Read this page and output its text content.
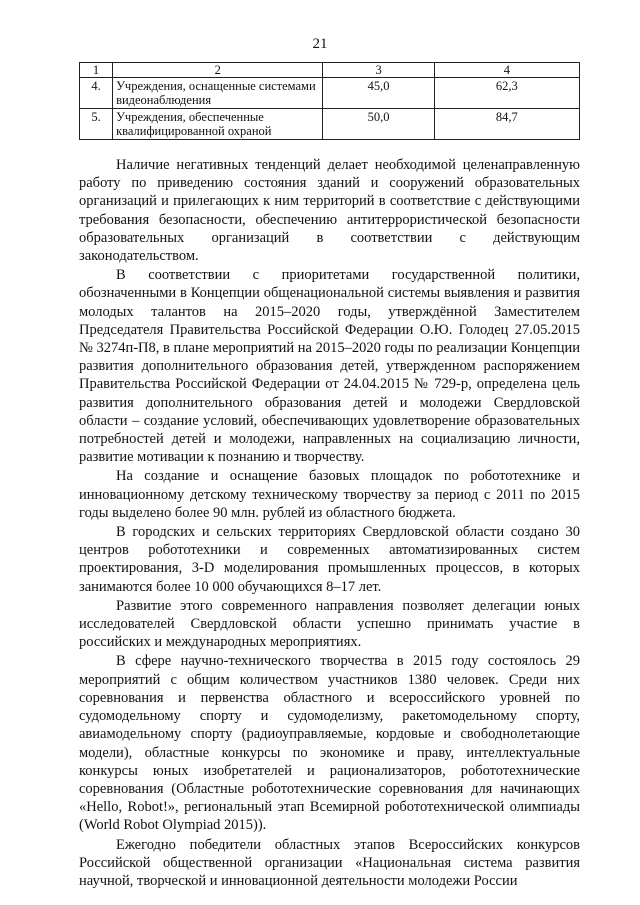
21
1	2	3	4
4.	Учреждения, оснащенные системами видеонаблюдения	45,0	62,3
5.	Учреждения, обеспеченные квалифицированной охраной	50,0	84,7

Наличие негативных тенденций делает необходимой целенаправленную работу по приведению состояния зданий и сооружений образовательных организаций и прилегающих к ним территорий в соответствие с действующими требования безопасности, обеспечению антитеррористической безопасности образовательных организаций в соответствии с действующим законодательством.

В соответствии с приоритетами государственной политики, обозначенными в Концепции общенациональной системы выявления и развития молодых талантов на 2015–2020 годы, утверждённой Заместителем Председателя Правительства Российской Федерации О.Ю. Голодец 27.05.2015 № 3274п-П8, в плане мероприятий на 2015–2020 годы по реализации Концепции развития дополнительного образования детей, утвержденном распоряжением Правительства Российской Федерации от 24.04.2015 № 729-р, определена цель развития дополнительного образования детей и молодежи Свердловской области – создание условий, обеспечивающих удовлетворение образовательных потребностей детей и молодежи, направленных на социализацию личности, развитие мотивации к познанию и творчеству.

На создание и оснащение базовых площадок по робототехнике и инновационному детскому техническому творчеству за период с 2011 по 2015 годы выделено более 90 млн. рублей из областного бюджета.

В городских и сельских территориях Свердловской области создано 30 центров робототехники и современных автоматизированных систем проектирования, 3-D моделирования промышленных процессов, в которых занимаются более 10 000 обучающихся 8–17 лет.

Развитие этого современного направления позволяет делегации юных исследователей Свердловской области успешно принимать участие в российских и международных мероприятиях.

В сфере научно-технического творчества в 2015 году состоялось 29 мероприятий с общим количеством участников 1380 человек. Среди них соревнования и первенства областного и всероссийского уровней по судомодельному спорту и судомоделизму, ракетомодельному спорту, авиамодельному спорту (радиоуправляемые, кордовые и свободнолетающие модели), областные конкурсы по экономике и праву, интеллектуальные конкурсы юных изобретателей и рационализаторов, робототехнические соревнования (Областные робототехнические соревнования для начинающих «Hello, Robot!», региональный этап Всемирной робототехнической олимпиады (World Robot Olympiad 2015)).

Ежегодно победители областных этапов Всероссийских конкурсов Российской общественной организации «Национальная система развития научной, творческой и инновационной деятельности молодежи России
